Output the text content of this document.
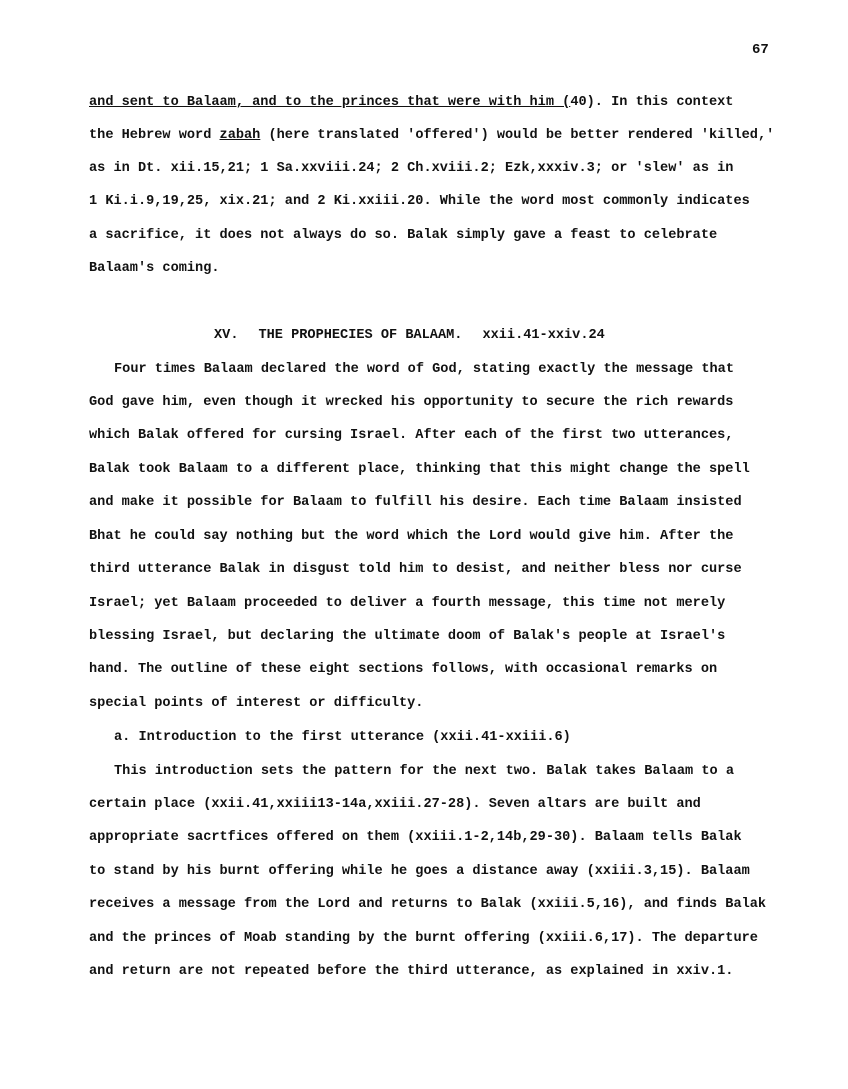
67
and sent to Balaam, and to the princes that were with him (40). In this context
the Hebrew word zabah (here translated 'offered') would be better rendered 'killed,'
as in Dt. xii.15,21; 1 Sa.xxviii.24; 2 Ch.xviii.2; Ezk,xxxiv.3; or 'slew' as in
1 Ki.i.9,19,25, xix.21; and 2 Ki.xxiii.20. While the word most commonly indicates
a sacrifice, it does not always do so. Balak simply gave a feast to celebrate
Balaam's coming.
XV. THE PROPHECIES OF BALAAM. xxii.41-xxiv.24
Four times Balaam declared the word of God, stating exactly the message that
God gave him, even though it wrecked his opportunity to secure the rich rewards
which Balak offered for cursing Israel. After each of the first two utterances,
Balak took Balaam to a different place, thinking that this might change the spell
and make it possible for Balaam to fulfill his desire. Each time Balaam insisted
Bhat he could say nothing but the word which the Lord would give him. After the
third utterance Balak in disgust told him to desist, and neither bless nor curse
Israel; yet Balaam proceeded to deliver a fourth message, this time not merely
blessing Israel, but declaring the ultimate doom of Balak's people at Israel's
hand. The outline of these eight sections follows, with occasional remarks on
special points of interest or difficulty.
a. Introduction to the first utterance (xxii.41-xxiii.6)
This introduction sets the pattern for the next two. Balak takes Balaam to a
certain place (xxii.41,xxiii13-14a,xxiii.27-28). Seven altars are built and
appropriate sacrtfices offered on them (xxiii.1-2,14b,29-30). Balaam tells Balak
to stand by his burnt offering while he goes a distance away (xxiii.3,15). Balaam
receives a message from the Lord and returns to Balak (xxiii.5,16), and finds Balak
and the princes of Moab standing by the burnt offering (xxiii.6,17). The departure
and return are not repeated before the third utterance, as explained in xxiv.1.
